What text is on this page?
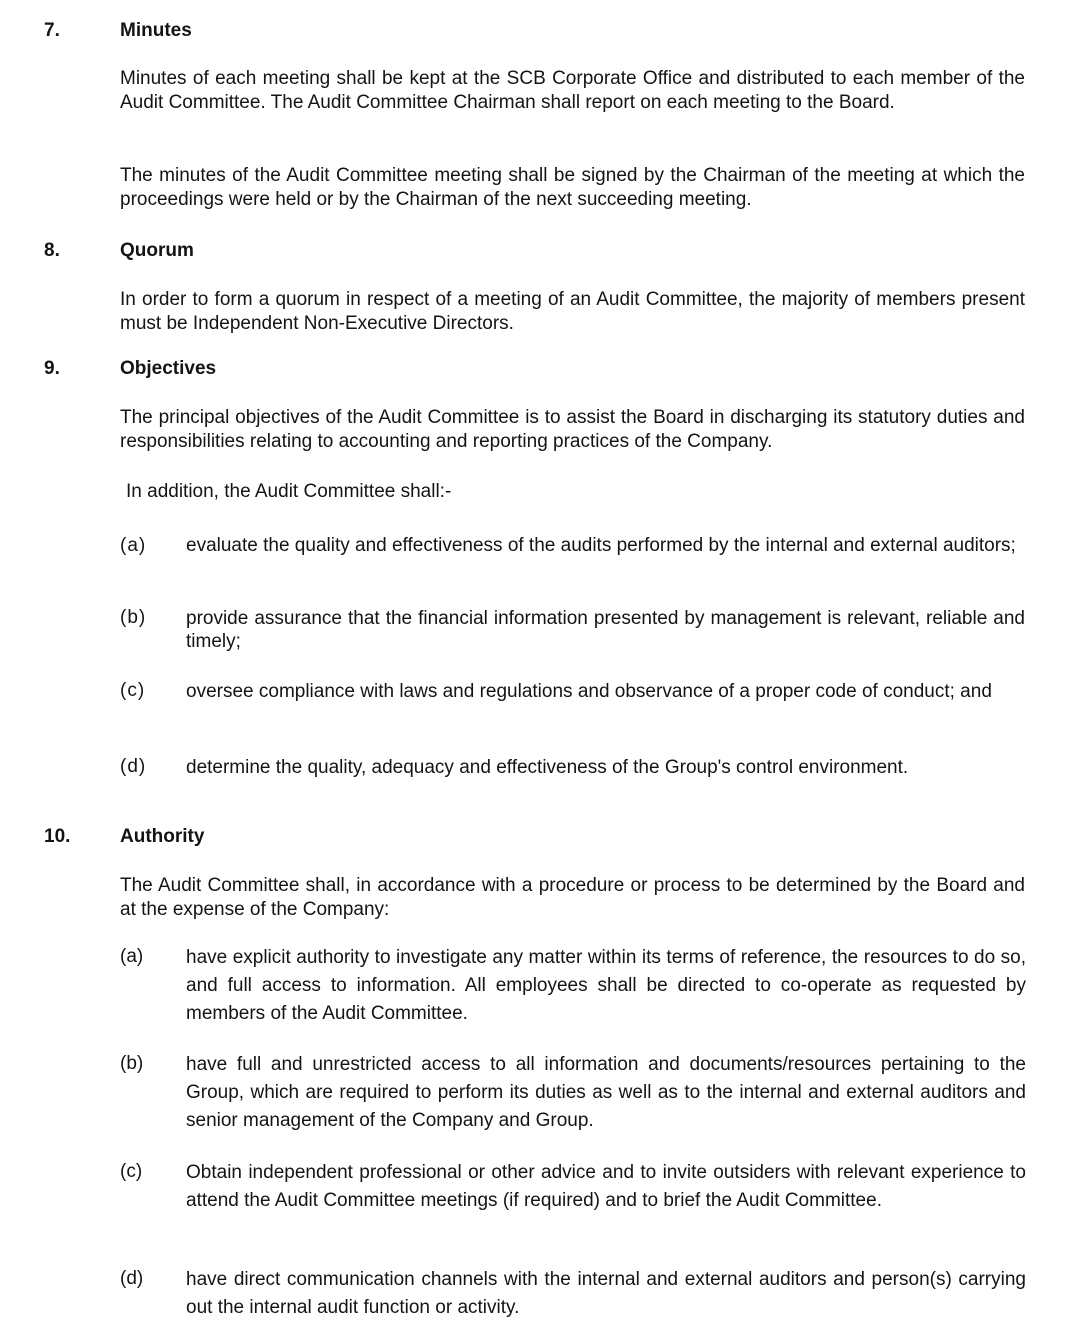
7.	Minutes
Minutes of each meeting shall be kept at the SCB Corporate Office and distributed to each member of the Audit Committee. The Audit Committee Chairman shall report on each meeting to the Board.
The minutes of the Audit Committee meeting shall be signed by the Chairman of the meeting at which the proceedings were held or by the Chairman of the next succeeding meeting.
8.	Quorum
In order to form a quorum in respect of a meeting of an Audit Committee, the majority of members present must be Independent Non-Executive Directors.
9.	Objectives
The principal objectives of the Audit Committee is to assist the Board in discharging its statutory duties and responsibilities relating to accounting and reporting practices of the Company.
In addition, the Audit Committee shall:-
(a) evaluate the quality and effectiveness of the audits performed by the internal and external auditors;
(b) provide assurance that the financial information presented by management is relevant, reliable and timely;
(c) oversee compliance with laws and regulations and observance of a proper code of conduct; and
(d) determine the quality, adequacy and effectiveness of the Group's control environment.
10.	Authority
The Audit Committee shall, in accordance with a procedure or process to be determined by the Board and at the expense of the Company:
(a) have explicit authority to investigate any matter within its terms of reference, the resources to do so, and full access to information. All employees shall be directed to co-operate as requested by members of the Audit Committee.
(b) have full and unrestricted access to all information and documents/resources pertaining to the Group, which are required to perform its duties as well as to the internal and external auditors and senior management of the Company and Group.
(c) Obtain independent professional or other advice and to invite outsiders with relevant experience to attend the Audit Committee meetings (if required) and to brief the Audit Committee.
(d) have direct communication channels with the internal and external auditors and person(s) carrying out the internal audit function or activity.
